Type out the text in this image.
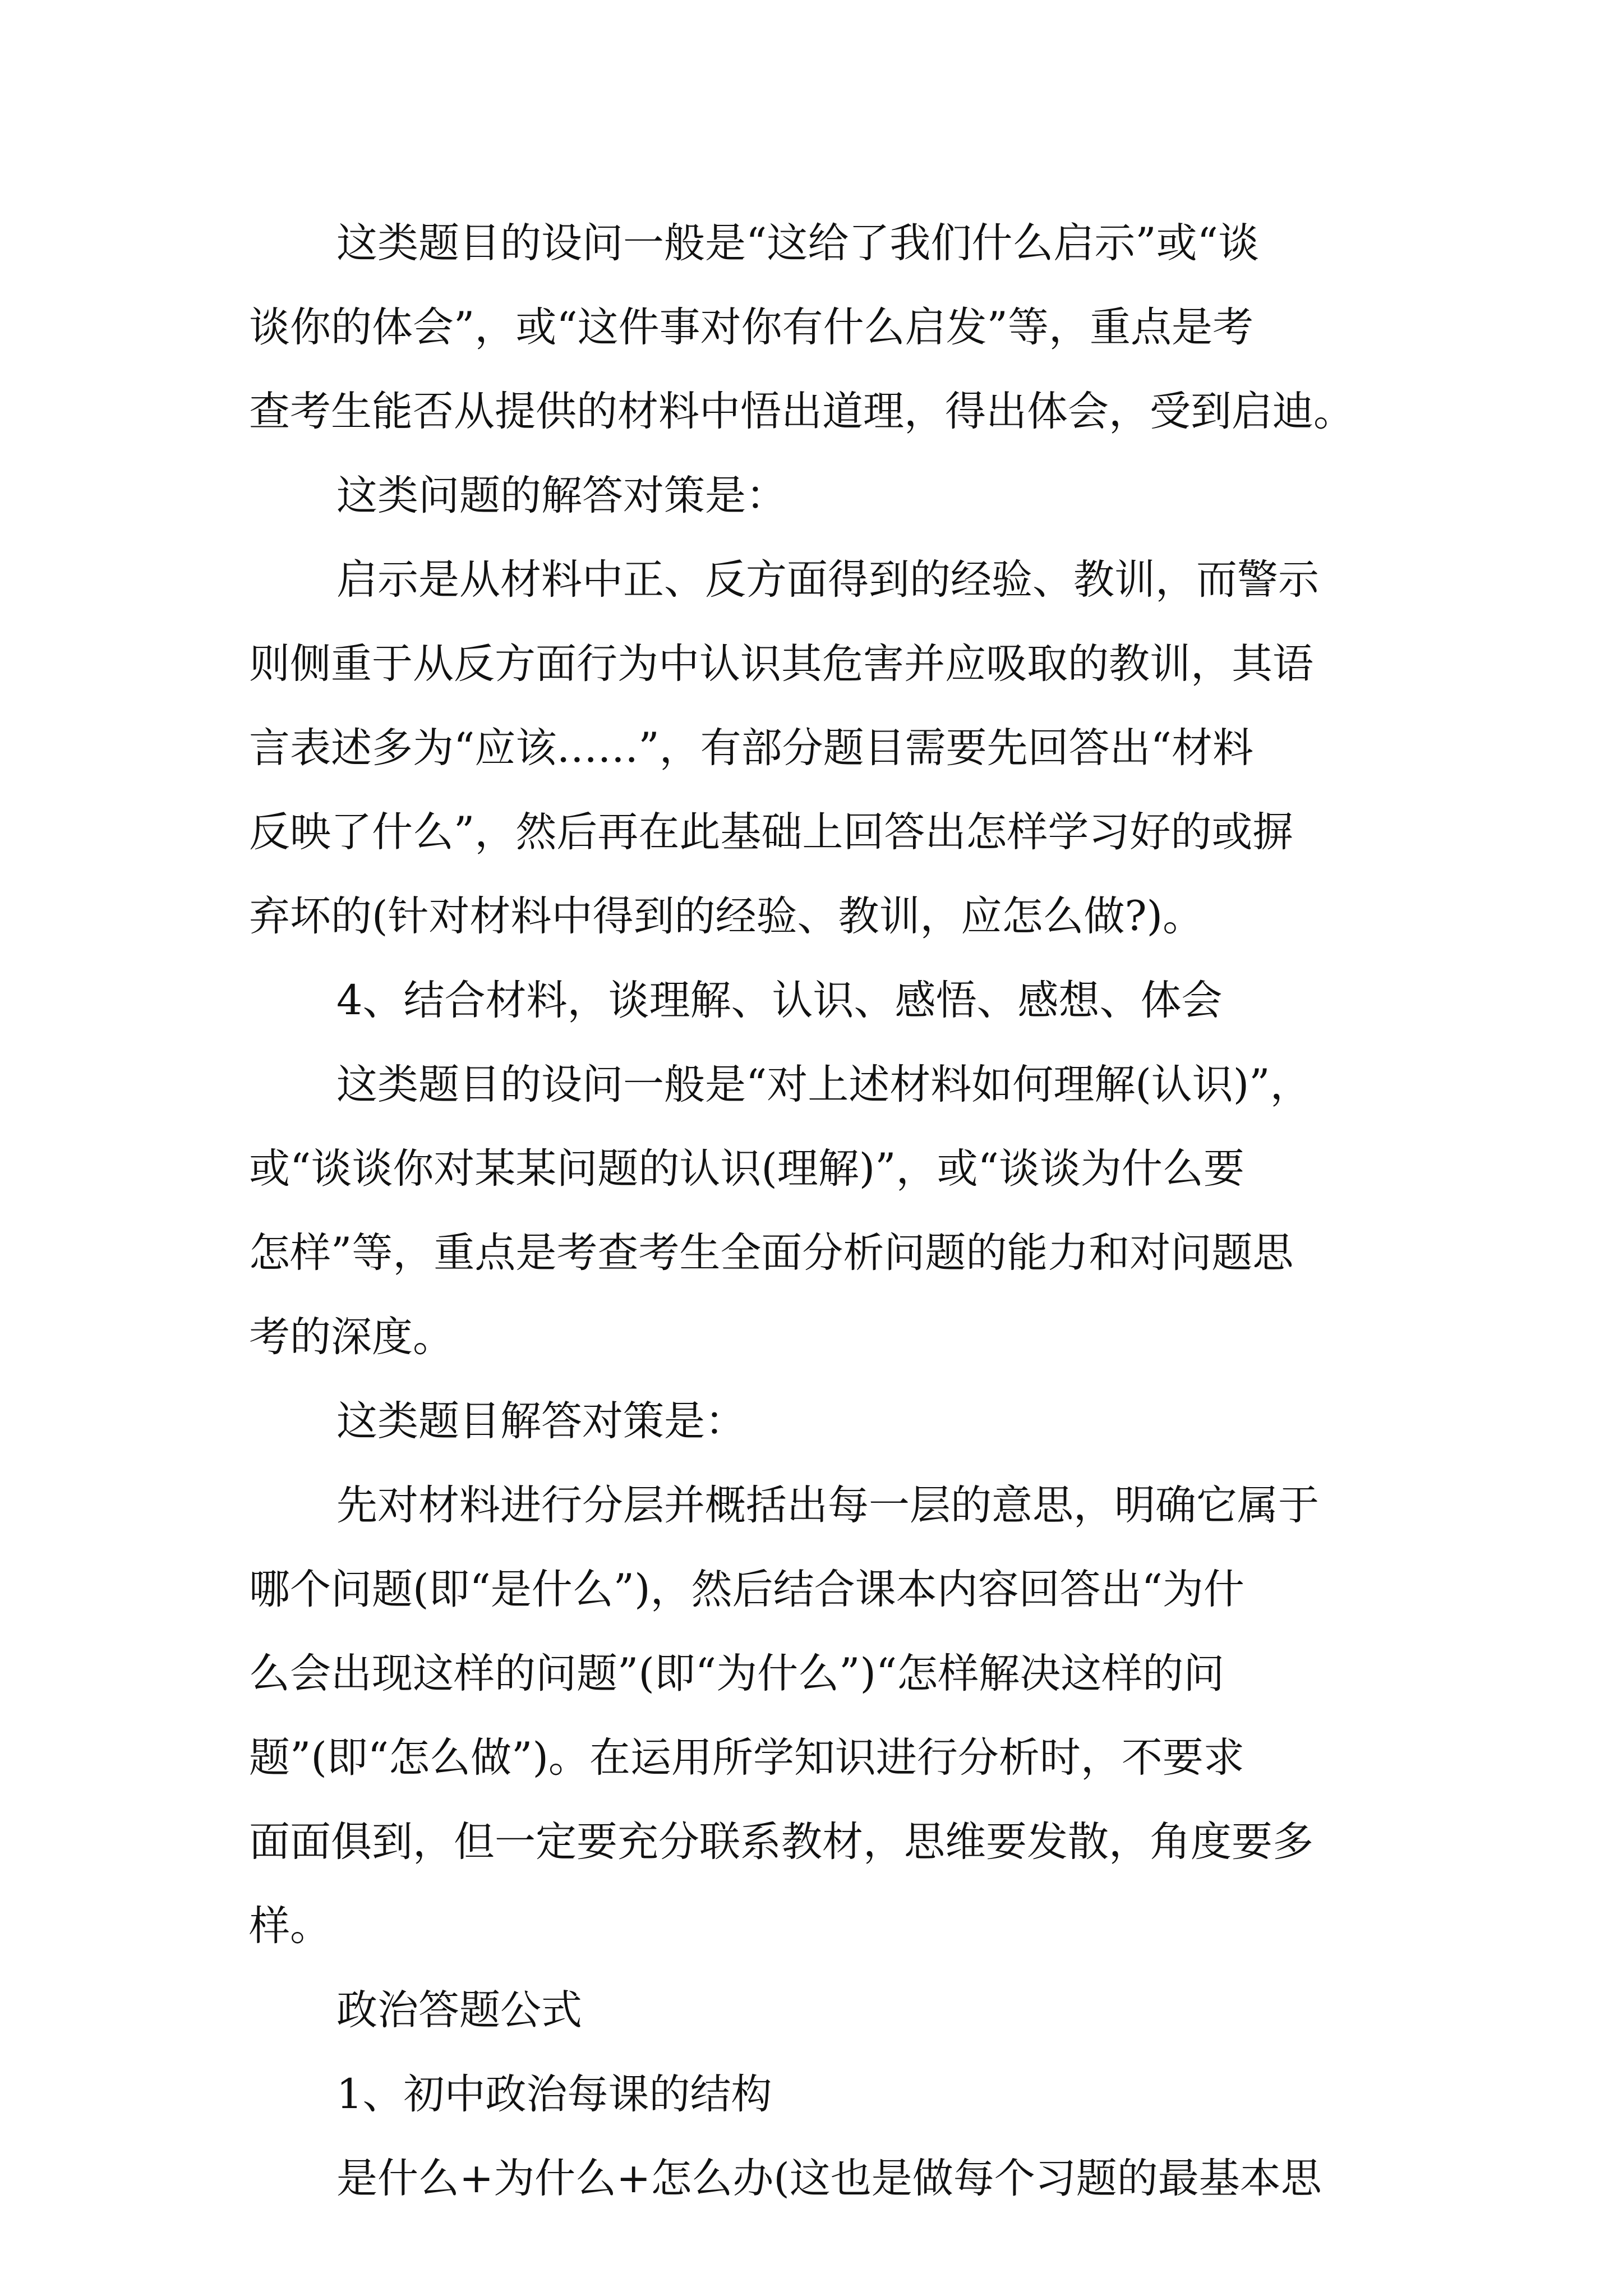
这类题目的设问一般是“这给了我们什么启示”或“谈
谈你的体会”，或“这件事对你有什么启发”等，重点是考
查考生能否从提供的材料中悟出道理，得出体会，受到启迪。
这类问题的解答对策是：
启示是从材料中正、反方面得到的经验、教训，而警示
则侧重于从反方面行为中认识其危害并应吸取的教训，其语
言表述多为“应该……”，有部分题目需要先回答出“材料
反映了什么”，然后再在此基础上回答出怎样学习好的或摒
弃坏的(针对材料中得到的经验、教训，应怎么做?)。
4、结合材料，谈理解、认识、感悟、感想、体会
这类题目的设问一般是“对上述材料如何理解(认识)”，
或“谈谈你对某某问题的认识(理解)”，或“谈谈为什么要
怎样”等，重点是考查考生全面分析问题的能力和对问题思
考的深度。
这类题目解答对策是：
先对材料进行分层并概括出每一层的意思，明确它属于
哪个问题(即“是什么”)，然后结合课本内容回答出“为什
么会出现这样的问题”(即“为什么”)“怎样解决这样的问
题”(即“怎么做”)。在运用所学知识进行分析时，不要求
面面俱到，但一定要充分联系教材，思维要发散，角度要多
样。
政治答题公式
1、初中政治每课的结构
是什么+为什么+怎么办(这也是做每个习题的最基本思
